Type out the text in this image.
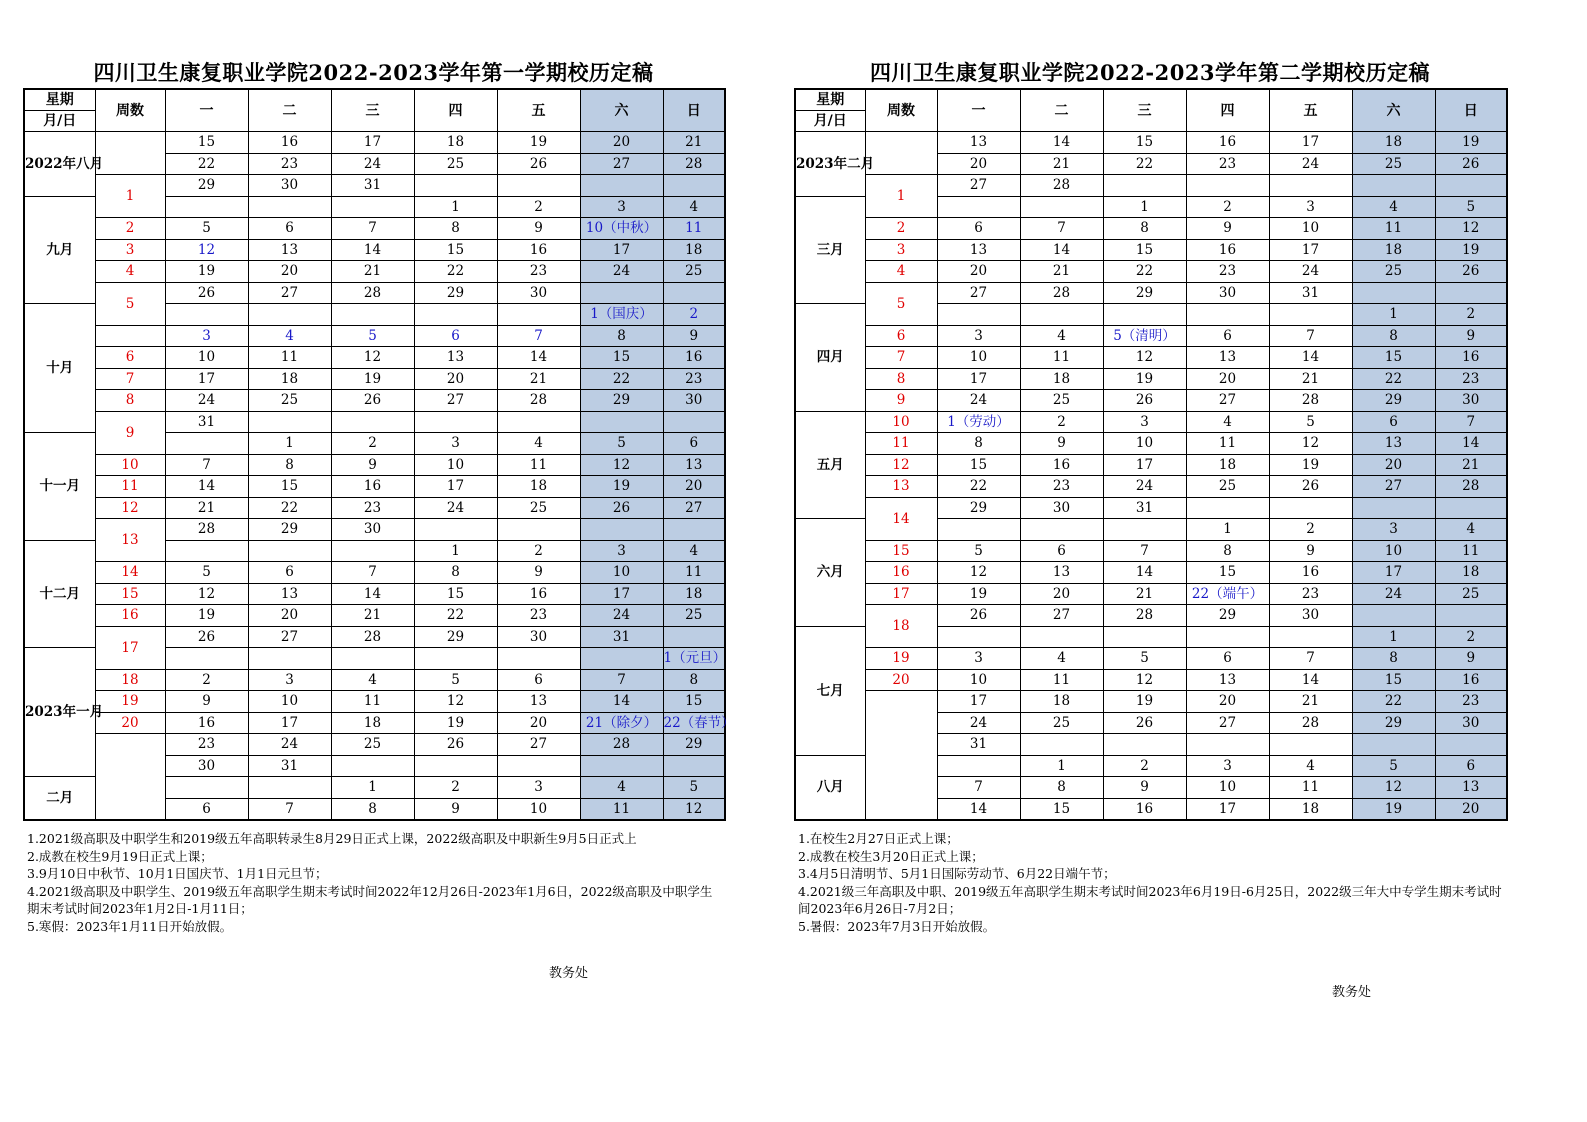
四川卫生康复职业学院2022-2023学年第一学期校历定稿
星期
月/日	周数	一	二	三	四	五	六	日
2022年八月		15	16	17	18	19	20	21
		22	23	24	25	26	27	28
	1	29	30	31				
九月					1	2	3	4
	2	5	6	7	8	9	10（中秋）	11
	3	12	13	14	15	16	17	18
	4	19	20	21	22	23	24	25
	5	26	27	28	29	30		
十月							1（国庆）	2
		3	4	5	6	7	8	9
	6	10	11	12	13	14	15	16
	7	17	18	19	20	21	22	23
	8	24	25	26	27	28	29	30
	9	31						
十一月			1	2	3	4	5	6
	10	7	8	9	10	11	12	13
	11	14	15	16	17	18	19	20
	12	21	22	23	24	25	26	27
	13	28	29	30				
十二月					1	2	3	4
	14	5	6	7	8	9	10	11
	15	12	13	14	15	16	17	18
	16	19	20	21	22	23	24	25
	17	26	27	28	29	30	31	
2023年一月								1（元旦）
	18	2	3	4	5	6	7	8
	19	9	10	11	12	13	14	15
	20	16	17	18	19	20	21（除夕）	22（春节）
		23	24	25	26	27	28	29
		30	31					
二月				1	2	3	4	5
		6	7	8	9	10	11	12
四川卫生康复职业学院2022-2023学年第二学期校历定稿
星期
月/日	周数	一	二	三	四	五	六	日
2023年二月		13	14	15	16	17	18	19
		20	21	22	23	24	25	26
	1	27	28					
三月				1	2	3	4	5
	2	6	7	8	9	10	11	12
	3	13	14	15	16	17	18	19
	4	20	21	22	23	24	25	26
	5	27	28	29	30	31		
四月							1	2
	6	3	4	5（清明）	6	7	8	9
	7	10	11	12	13	14	15	16
	8	17	18	19	20	21	22	23
	9	24	25	26	27	28	29	30
五月	10	1（劳动）	2	3	4	5	6	7
	11	8	9	10	11	12	13	14
	12	15	16	17	18	19	20	21
	13	22	23	24	25	26	27	28
	14	29	30	31				
六月					1	2	3	4
	15	5	6	7	8	9	10	11
	16	12	13	14	15	16	17	18
	17	19	20	21	22（端午）	23	24	25
	18	26	27	28	29	30		
七月							1	2
	19	3	4	5	6	7	8	9
	20	10	11	12	13	14	15	16
		17	18	19	20	21	22	23
		24	25	26	27	28	29	30
		31						
八月			1	2	3	4	5	6
		7	8	9	10	11	12	13
		14	15	16	17	18	19	20
1.2021级高职及中职学生和2019级五年高职转录生8月29日正式上课，2022级高职及中职新生9月5日正式上
2.成教在校生9月19日正式上课；
3.9月10日中秋节、10月1日国庆节、1月1日元旦节；
4.2021级高职及中职学生、2019级五年高职学生期末考试时间2022年12月26日-2023年1月6日，2022级高职及中职学生期末考试时间2023年1月2日-1月11日；
5.寒假：2023年1月11日开始放假。
教务处
1.在校生2月27日正式上课；
2.成教在校生3月20日正式上课；
3.4月5日清明节、5月1日国际劳动节、6月22日端午节；
4.2021级三年高职及中职、2019级五年高职学生期末考试时间2023年6月19日-6月25日，2022级三年大中专学生期末考试时间2023年6月26日-7月2日；
5.暑假：2023年7月3日开始放假。
教务处
